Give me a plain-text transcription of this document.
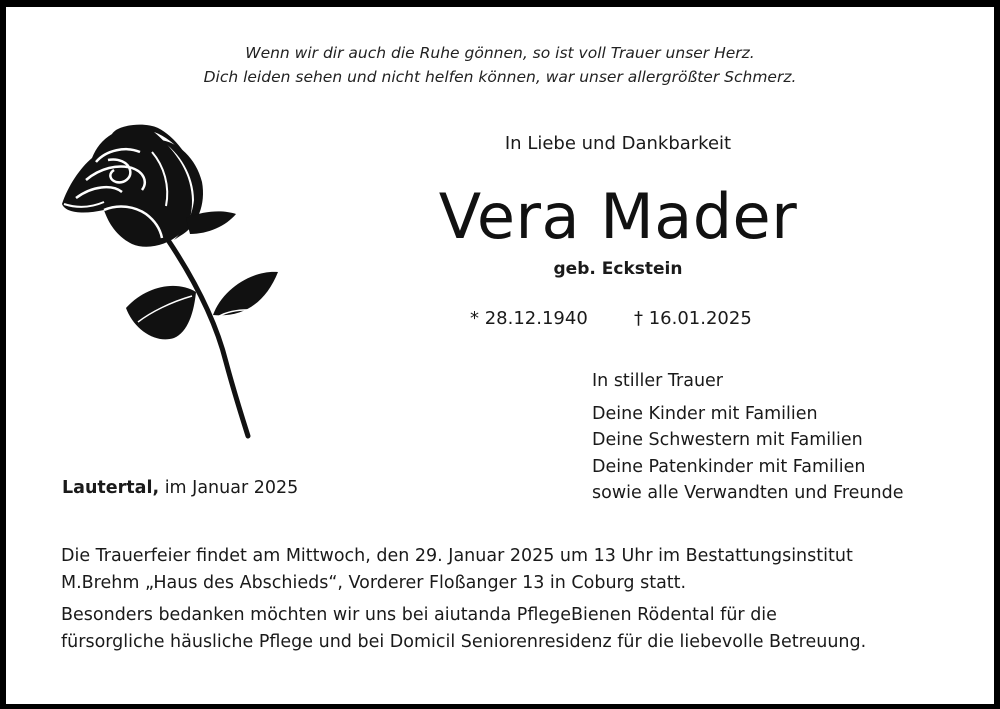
Wenn wir dir auch die Ruhe gönnen, so ist voll Trauer unser Herz.
Dich leiden sehen und nicht helfen können, war unser allergrößter Schmerz.
In Liebe und Dankbarkeit
Vera Mader
geb. Eckstein
* 28.12.1940	† 16.01.2025
In stiller Trauer
Deine Kinder mit Familien
Deine Schwestern mit Familien
Deine Patenkinder mit Familien
sowie alle Verwandten und Freunde
Lautertal, im Januar 2025

Die Trauerfeier findet am Mittwoch, den 29. Januar 2025 um 13 Uhr im Bestattungsinstitut
M.Brehm „Haus des Abschieds“, Vorderer Floßanger 13 in Coburg statt.

Besonders bedanken möchten wir uns bei aiutanda PflegeBienen Rödental für die
fürsorgliche häusliche Pflege und bei Domicil Seniorenresidenz für die liebevolle Betreuung.
